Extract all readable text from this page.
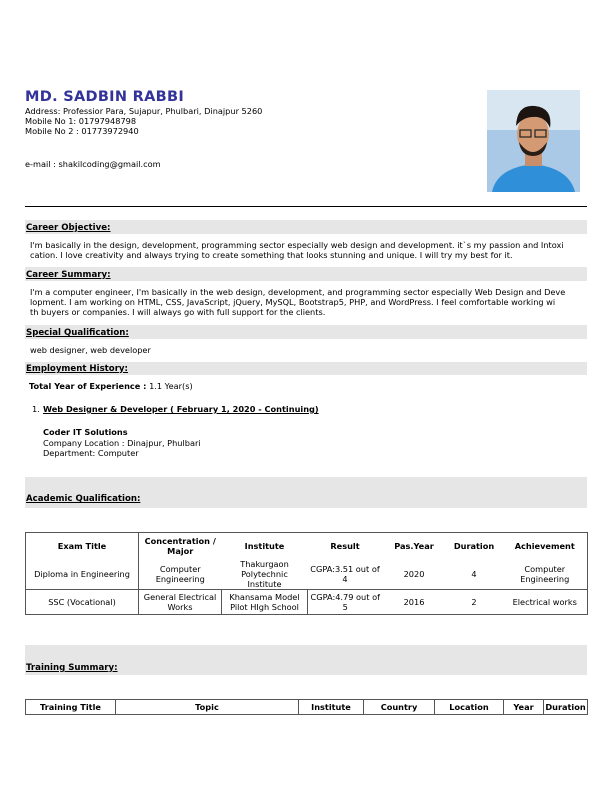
MD. SADBIN RABBI
Address: Professior Para, Sujapur, Phulbari, Dinajpur 5260
Mobile No 1: 01797948798
Mobile No 2 : 01773972940
e-mail : shakilcoding@gmail.com
Career Objective:
I'm basically in the design, development, programming sector especially web design and development. it`s my passion and Intoxi
cation. I love creativity and always trying to create something that looks stunning and unique. I will try my best for it.
Career Summary:
I'm a computer engineer, I'm basically in the web design, development, and programming sector especially Web Design and Deve
lopment. I am working on HTML, CSS, JavaScript, jQuery, MySQL, Bootstrap5, PHP, and WordPress. I feel comfortable working wi
th buyers or companies. I will always go with full support for the clients.
Special Qualification:
web designer, web developer
Employment History:
Total Year of Experience : 1.1 Year(s)
1. Web Designer & Developer ( February 1, 2020 - Continuing)
Coder IT Solutions
Company Location : Dinajpur, Phulbari
Department: Computer
Academic Qualification:
Exam Title	Concentration / Major	Institute	Result	Pas.Year	Duration	Achievement
Diploma in Engineering	Computer Engineering	Thakurgaon Polytechnic Institute	CGPA:3.51 out of 4	2020	4	Computer Engineering
SSC (Vocational)	General Electrical Works	Khansama Model Pilot HIgh School	CGPA:4.79 out of 5	2016	2	Electrical works
Training Summary:
Training Title	Topic	Institute	Country	Location	Year	Duration
